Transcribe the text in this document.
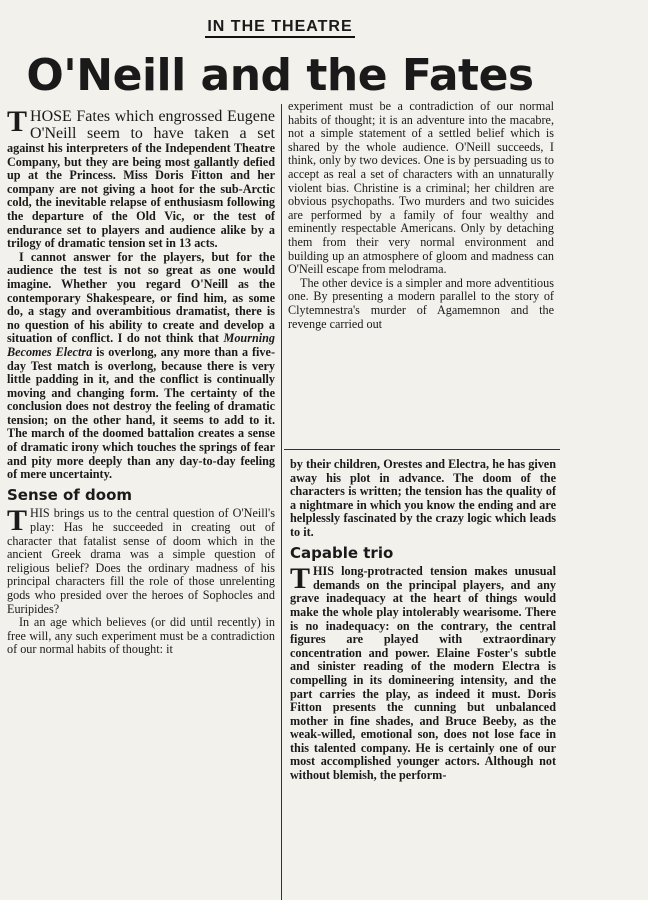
IN THE THEATRE
O'Neill and the Fates

THOSE Fates which engrossed Eugene O'Neill seem to have taken a set against his interpreters of the Independent Theatre Company, but they are being most gallantly defied up at the Princess. Miss Doris Fitton and her company are not giving a hoot for the sub-Arctic cold, the inevitable relapse of enthusiasm following the departure of the Old Vic, or the test of endurance set to players and audience alike by a trilogy of dramatic tension set in 13 acts.

I cannot answer for the players, but for the audience the test is not so great as one would imagine. Whether you regard O'Neill as the contemporary Shakespeare, or find him, as some do, a stagy and overambitious dramatist, there is no question of his ability to create and develop a situation of conflict. I do not think that Mourning Becomes Electra is overlong, any more than a five-day Test match is overlong, because there is very little padding in it, and the conflict is continually moving and changing form. The certainty of the conclusion does not destroy the feeling of dramatic tension; on the other hand, it seems to add to it. The march of the doomed battalion creates a sense of dramatic irony which touches the springs of fear and pity more deeply than any day-to-day feeling of mere uncertainty.

Sense of doom

THIS brings us to the central question of O'Neill's play: Has he succeeded in creating out of character that fatalist sense of doom which in the ancient Greek drama was a simple question of religious belief? Does the ordinary madness of his principal characters fill the role of those unrelenting gods who presided over the heroes of Sophocles and Euripides?

In an age which believes (or did until recently) in free will, any such experiment must be a contradiction of our normal habits of thought: it

experiment must be a contradiction of our normal habits of thought; it is an adventure into the macabre, not a simple statement of a settled belief which is shared by the whole audience. O'Neill succeeds, I think, only by two devices. One is by persuading us to accept as real a set of characters with an unnaturally violent bias. Christine is a criminal; her children are obvious psychopaths. Two murders and two suicides are performed by a family of four wealthy and eminently respectable Americans. Only by detaching them from their very normal environment and building up an atmosphere of gloom and madness can O'Neill escape from melodrama.

The other device is a simpler and more adventitious one. By presenting a modern parallel to the story of Clytemnestra's murder of Agamemnon and the revenge carried out

by their children, Orestes and Electra, he has given away his plot in advance. The doom of the characters is written; the tension has the quality of a nightmare in which you know the ending and are helplessly fascinated by the crazy logic which leads to it.

Capable trio

THIS long-protracted tension makes unusual demands on the principal players, and any grave inadequacy at the heart of things would make the whole play intolerably wearisome. There is no inadequacy: on the contrary, the central figures are played with extraordinary concentration and power. Elaine Foster's subtle and sinister reading of the modern Electra is compelling in its domineering intensity, and the part carries the play, as indeed it must. Doris Fitton presents the cunning but unbalanced mother in fine shades, and Bruce Beeby, as the weak-willed, emotional son, does not lose face in this talented company. He is certainly one of our most accomplished younger actors. Although not without blemish, the perform-
